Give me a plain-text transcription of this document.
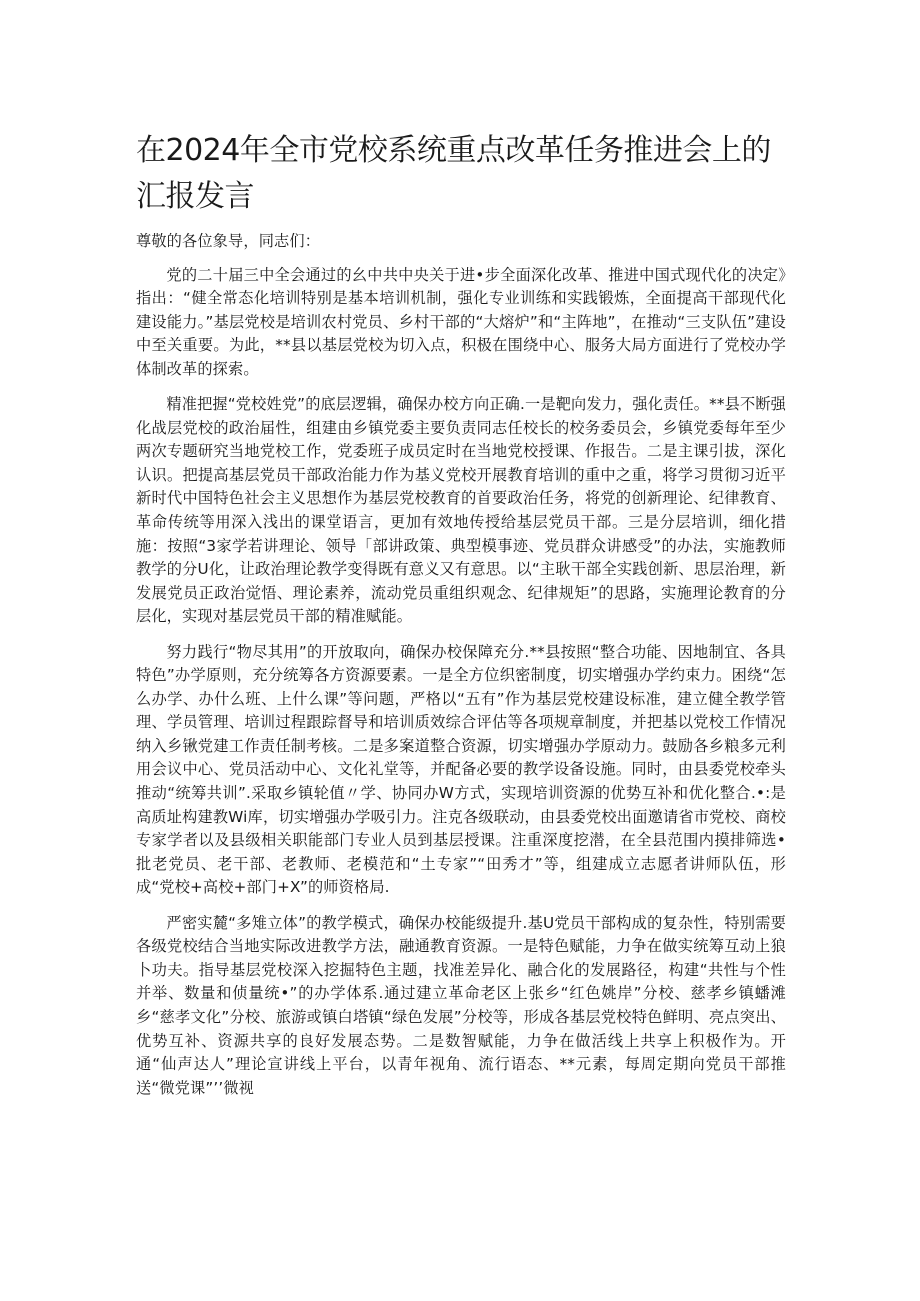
在2024年全市党校系统重点改革任务推进会上的汇报发言

尊敬的各位象导，同志们：

党的二十届三中全会通过的幺中共中央关于进•步全面深化改革、推进中国式现代化的决定》指出：“健全常态化培训特别是基本培训机制，强化专业训练和实践锻炼，全面提高干部现代化建设能力。”基层党校是培训农村党员、乡村干部的“大熔炉”和“主阵地”，在推动“三支队伍”建设中至关重要。为此，**县以基层党校为切入点，积极在围绕中心、服务大局方面进行了党校办学体制改革的探索。

精准把握“党校姓党”的底层逻辑，确保办校方向正确.一是靶向发力，强化责任。**县不断强化战层党校的政治届性，组建由乡镇党委主要负责同志任校长的校务委员会，乡镇党委每年至少两次专题研究当地党校工作，党委班子成员定时在当地党校授课、作报告。二是主课引拔，深化认识。把提高基层党员干部政治能力作为基义党校开展教育培训的重中之重，将学习贯彻习近平新时代中国特色社会主义思想作为基层党校教育的首要政治任务，将党的创新理论、纪律教育、革命传统等用深入浅出的课堂语言，更加有效地传授给基层党员干部。三是分层培训，细化措施：按照“3家学若讲理论、领导「部讲政策、典型模事迹、党员群众讲感受”的办法，实施教师教学的分U化，让政治理论教学变得既有意义又有意思。以“主耿干部全实践创新、思层治理，新发展党员正政治觉悟、理论素养，流动党员重组织观念、纪律规矩”的思路，实施理论教育的分层化，实现对基层党员干部的精准赋能。

努力践行“物尽其用”的开放取向，确保办校保障充分.**县按照“整合功能、因地制宜、各具特色”办学原则，充分统筹各方资源要素。一是全方位织密制度，切实增强办学约束力。困绕“怎么办学、办什么班、上什么课”等问题，严格以“五有”作为基层党校建设标准，建立健全教学管理、学员管理、培训过程跟踪督导和培训质效综合评估等各项规章制度，并把基以党校工作情况纳入乡锹党建工作责任制考核。二是多案道整合资源，切实增强办学原动力。鼓励各乡粮多元利用会议中心、党员活动中心、文化礼堂等，并配备必要的教学设备设施。同时，由县委党校牵头推动“统筹共训”.采取乡镇轮值〃学、协同办W方式，实现培训资源的优势互补和优化整合.•:是高质址构建教Wi库，切实增强办学吸引力。注克各级联动，由县委党校出面邀请省市党校、商校专家学者以及县级相关职能部门专业人员到基层授课。注重深度挖潜，在全县范围内摸排筛选•批老党员、老干部、老教师、老模范和“土专家”“田秀才”等，组建成立志愿者讲师队伍，形成“党校+高校+部门+X”的师资格局.

严密实麓“多雉立体”的教学模式，确保办校能级提升.基U党员干部构成的复杂性，特别需要各级党校结合当地实际改进教学方法，融通教育资源。一是特色赋能，力争在做实统筹互动上狼卜功夫。指导基层党校深入挖掘特色主题，找准差异化、融合化的发展路径，构建“共性与个性并举、数量和侦量统•”的办学体系.通过建立革命老区上张乡“红色姚岸”分校、慈孝乡镇蟠滩乡“慈孝文化”分校、旅游或镇白塔镇“绿色发展”分校等，形成各基层党校特色鲜明、亮点突出、优势互补、资源共享的良好发展态势。二是数智赋能，力争在做活线上共享上积极作为。开通“仙声达人”理论宣讲线上平台，以青年视角、流行语态、**元素，每周定期向党员干部推送“微党课”’’微视
